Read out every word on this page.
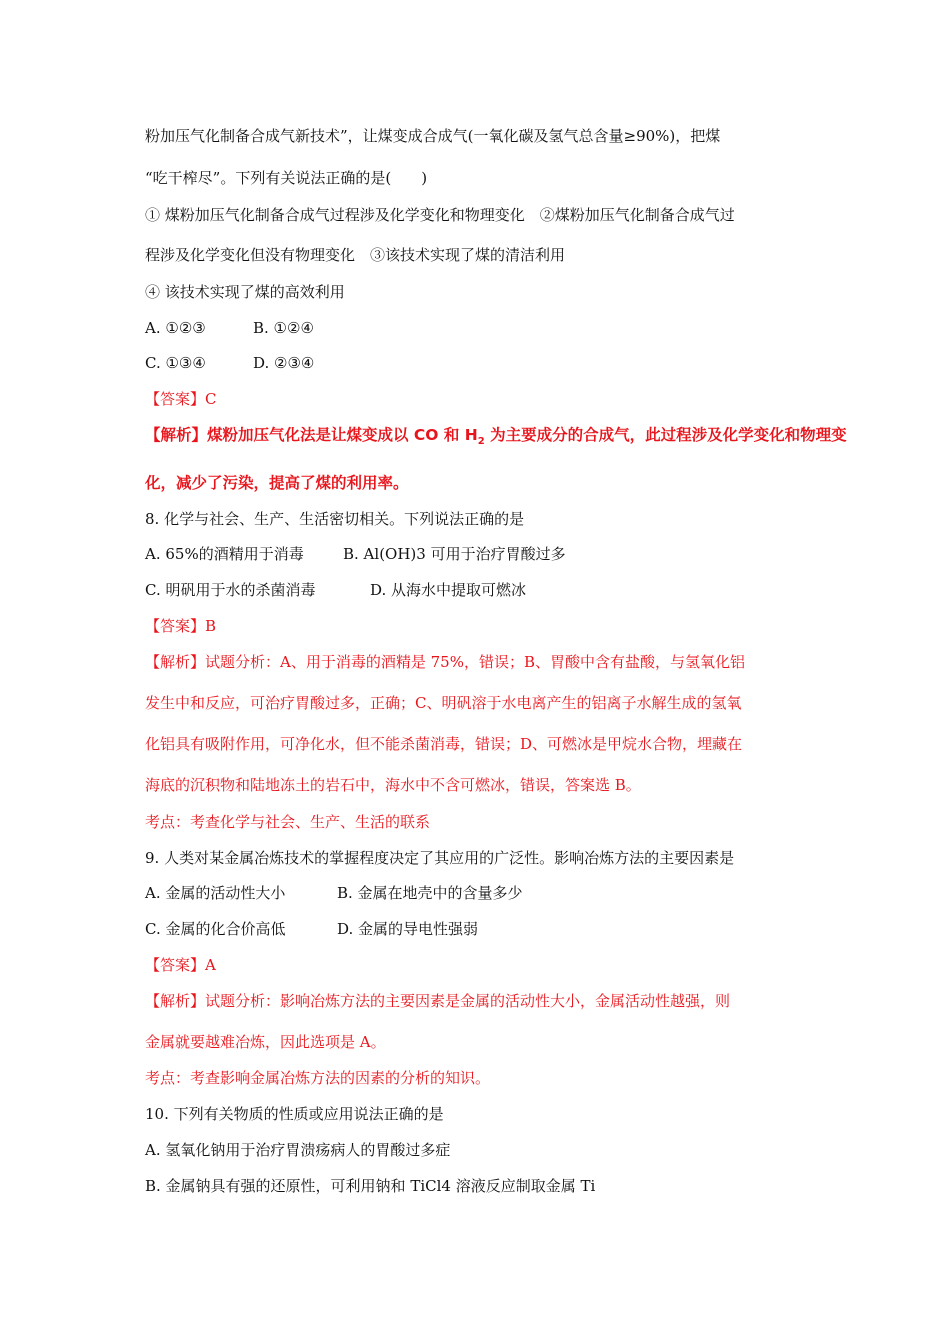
粉加压气化制备合成气新技术”，让煤变成合成气(一氧化碳及氢气总含量≥90%)，把煤
“吃干榨尽”。下列有关说法正确的是(　　)
① 煤粉加压气化制备合成气过程涉及化学变化和物理变化　②煤粉加压气化制备合成气过
程涉及化学变化但没有物理变化　③该技术实现了煤的清洁利用
④ 该技术实现了煤的高效利用
A. ①②③	B. ①②④
C. ①③④	D. ②③④
【答案】C
【解析】煤粉加压气化法是让煤变成以 CO 和 $H_2$ 为主要成分的合成气，此过程涉及化学变化和物理变
化，减少了污染，提高了煤的利用率。
8. 化学与社会、生产、生活密切相关。下列说法正确的是
A. 65%的酒精用于消毒	B. Al(OH)3 可用于治疗胃酸过多
C. 明矾用于水的杀菌消毒	D. 从海水中提取可燃冰
【答案】B
【解析】试题分析：A、用于消毒的酒精是 75%，错误；B、胃酸中含有盐酸，与氢氧化铝
发生中和反应，可治疗胃酸过多，正确；C、明矾溶于水电离产生的铝离子水解生成的氢氧
化铝具有吸附作用，可净化水，但不能杀菌消毒，错误；D、可燃冰是甲烷水合物，埋藏在
海底的沉积物和陆地冻土的岩石中，海水中不含可燃冰，错误，答案选 B。
考点：考查化学与社会、生产、生活的联系
9. 人类对某金属冶炼技术的掌握程度决定了其应用的广泛性。影响冶炼方法的主要因素是
A. 金属的活动性大小	B. 金属在地壳中的含量多少
C. 金属的化合价高低	D. 金属的导电性强弱
【答案】A
【解析】试题分析：影响冶炼方法的主要因素是金属的活动性大小，金属活动性越强，则
金属就要越难冶炼，因此选项是 A。
考点：考查影响金属冶炼方法的因素的分析的知识。
10. 下列有关物质的性质或应用说法正确的是
A. 氢氧化钠用于治疗胃溃疡病人的胃酸过多症
B. 金属钠具有强的还原性，可利用钠和 TiCl4 溶液反应制取金属 Ti
